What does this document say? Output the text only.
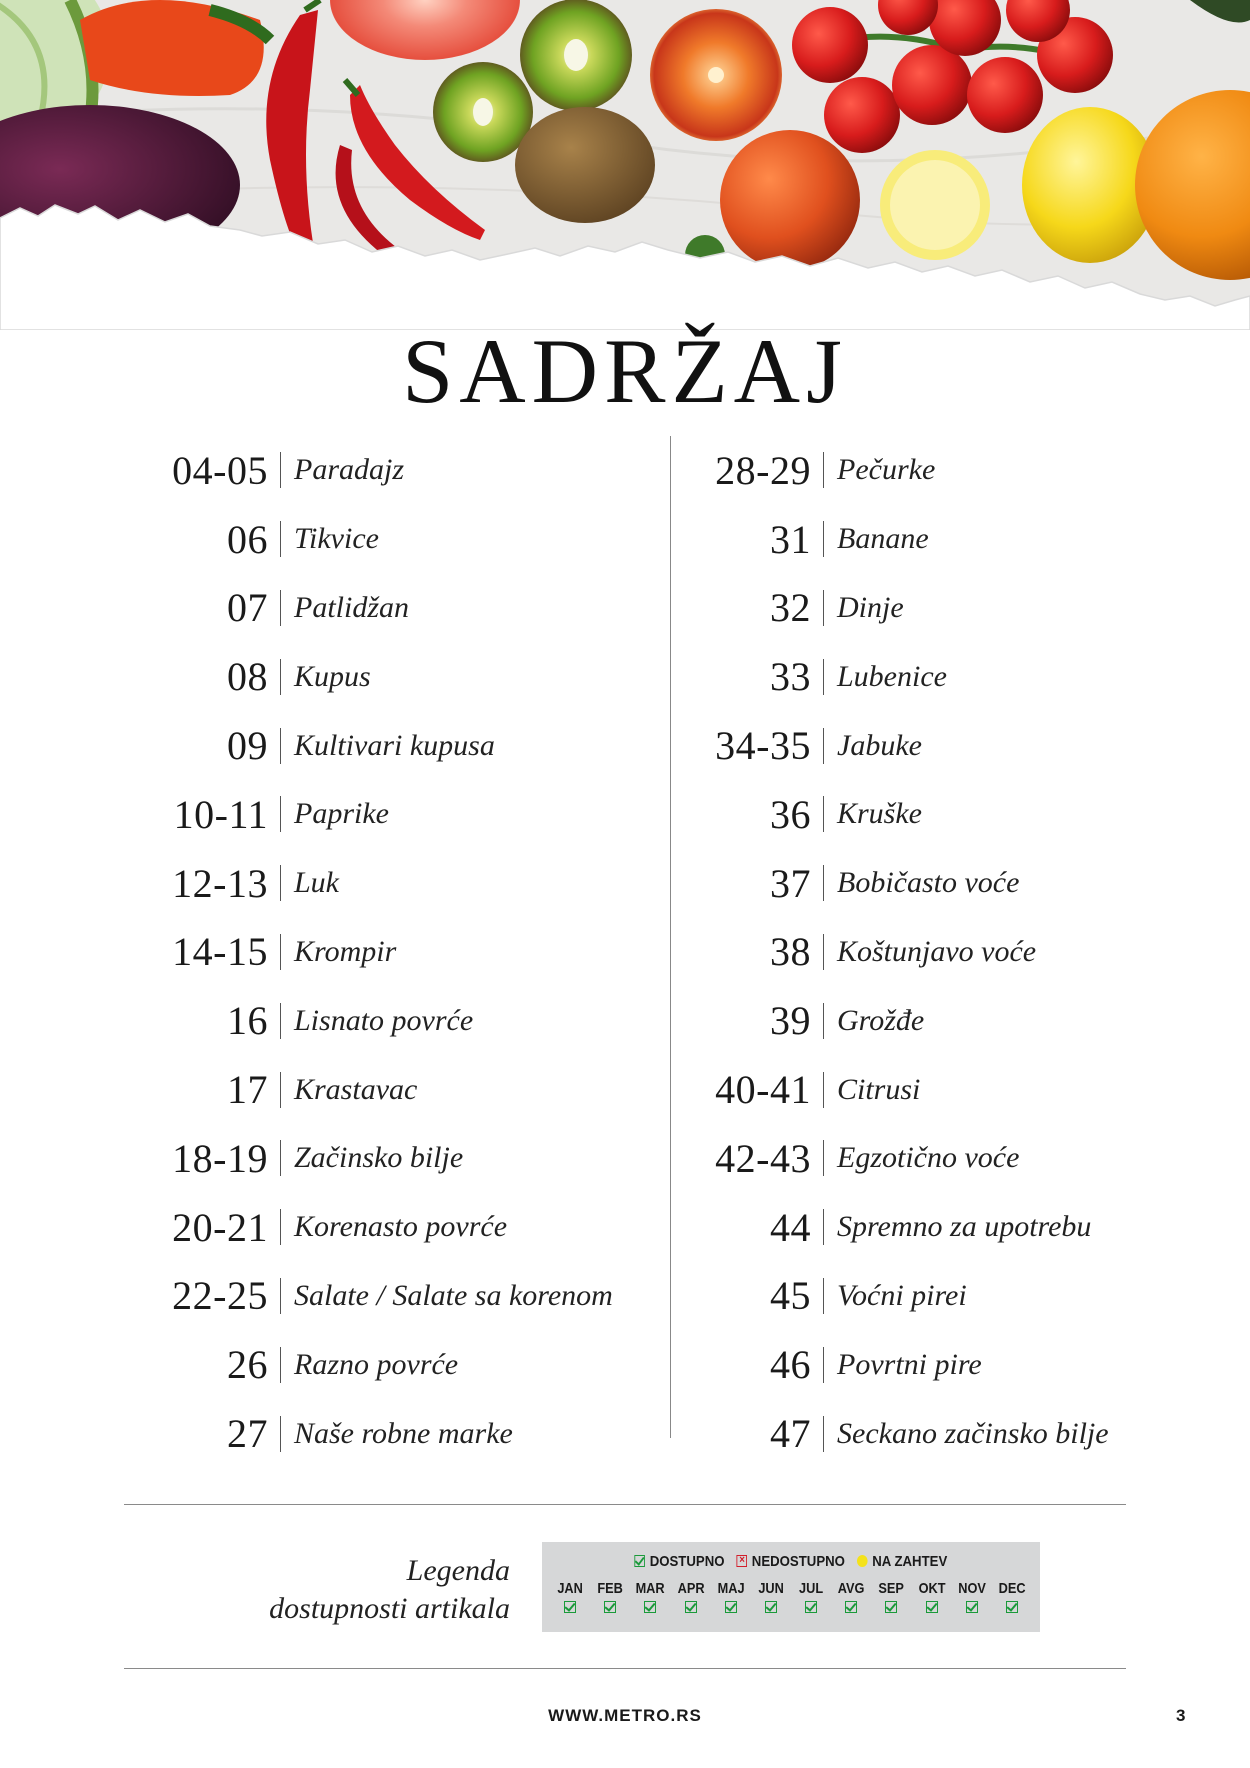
SADRŽAJ
04-05 Paradajz
06 Tikvice
07 Patlidžan
08 Kupus
09 Kultivari kupusa
10-11 Paprike
12-13 Luk
14-15 Krompir
16 Lisnato povrće
17 Krastavac
18-19 Začinsko bilje
20-21 Korenasto povrće
22-25 Salate / Salate sa korenom
26 Razno povrće
27 Naše robne marke
28-29 Pečurke
31 Banane
32 Dinje
33 Lubenice
34-35 Jabuke
36 Kruške
37 Bobičasto voće
38 Koštunjavo voće
39 Grožđe
40-41 Citrusi
42-43 Egzotično voće
44 Spremno za upotrebu
45 Voćni pirei
46 Povrtni pire
47 Seckano začinsko bilje
Legenda
dostupnosti artikala
DOSTUPNO × NEDOSTUPNO NA ZAHTEV
JAN FEB MAR APR MAJ JUN	JUL AVG SEP OKT NOV DEC
WWW.METRO.RS	3
